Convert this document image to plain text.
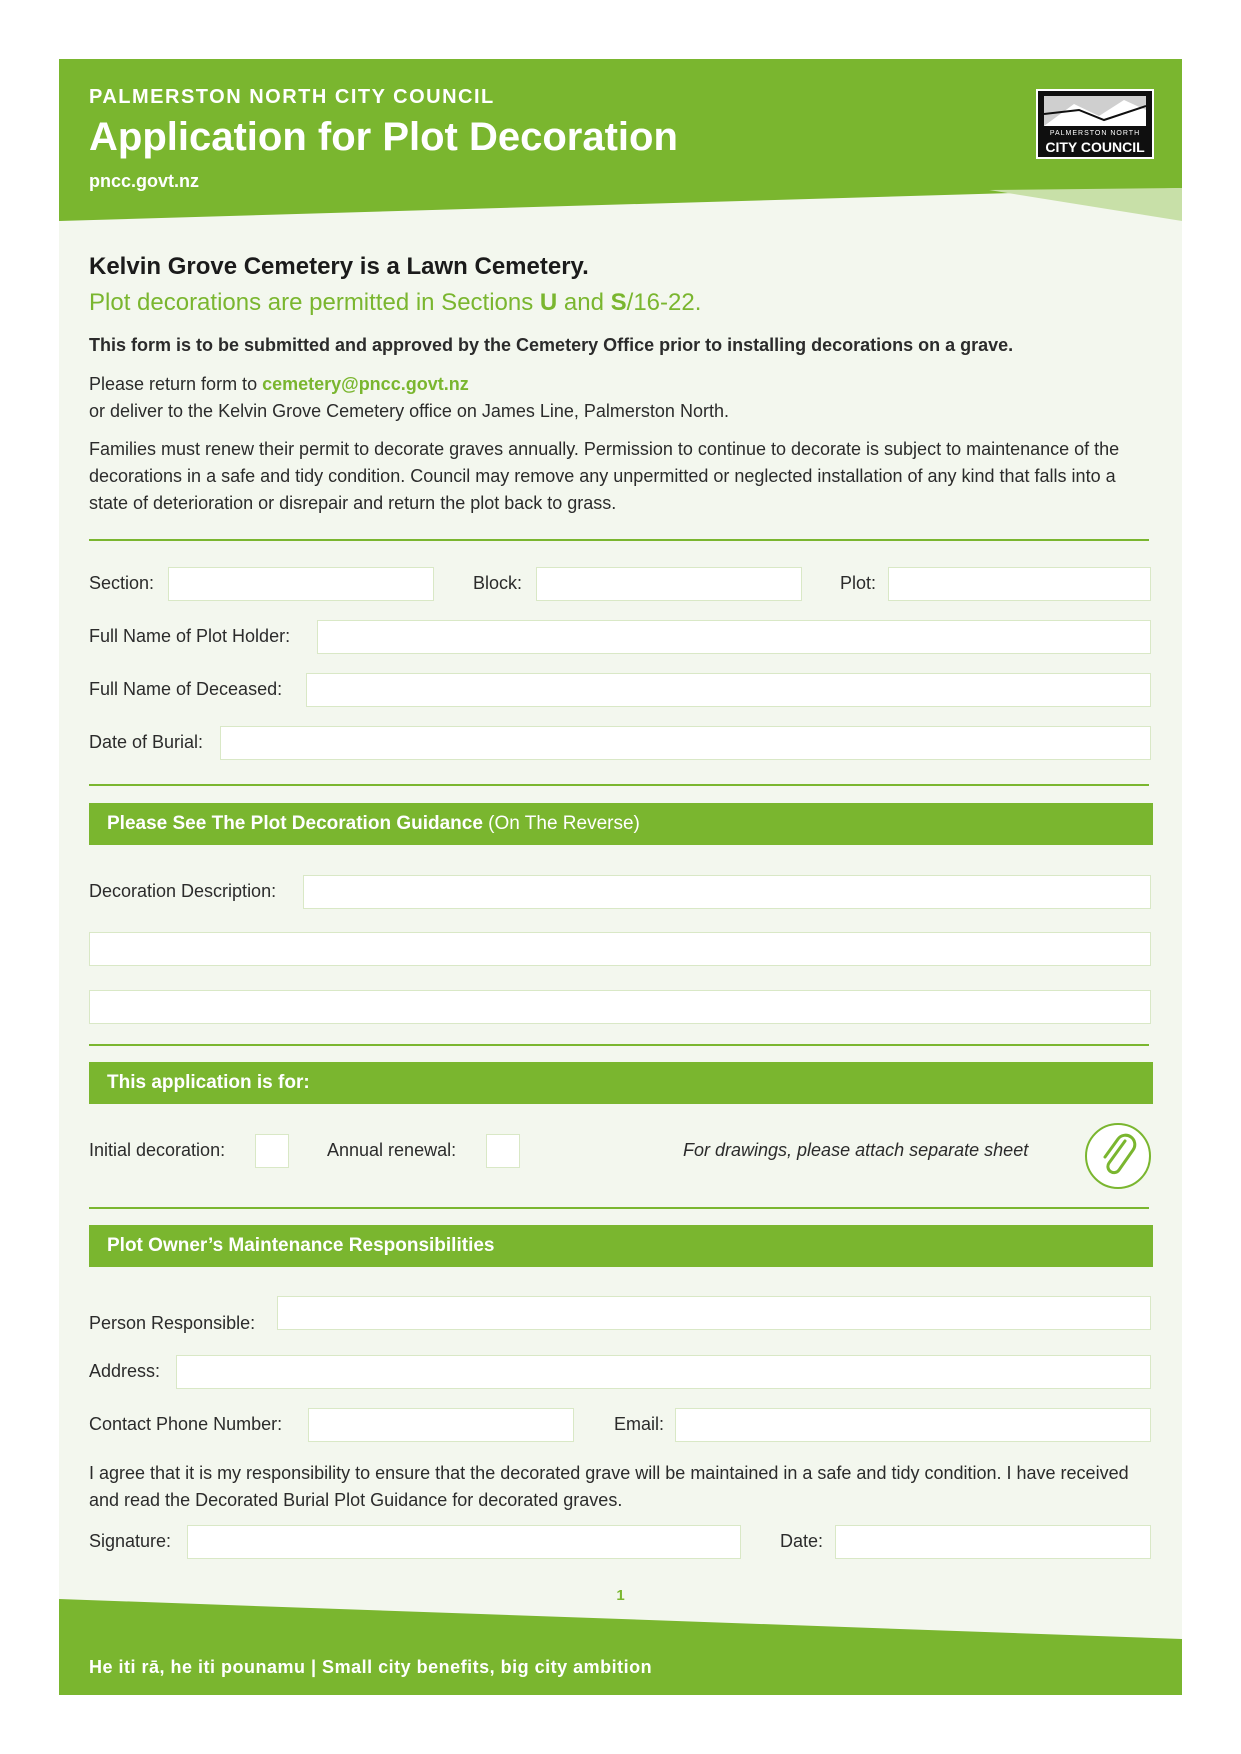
PALMERSTON NORTH CITY COUNCIL
Application for Plot Decoration
pncc.govt.nz
PALMERSTON NORTH
CITY COUNCIL
Kelvin Grove Cemetery is a Lawn Cemetery.
Plot decorations are permitted in Sections U and S/16-22.
This form is to be submitted and approved by the Cemetery Office prior to installing decorations on a grave.
Please return form to cemetery@pncc.govt.nz
or deliver to the Kelvin Grove Cemetery office on James Line, Palmerston North.
Families must renew their permit to decorate graves annually. Permission to continue to decorate is subject to maintenance of the decorations in a safe and tidy condition. Council may remove any unpermitted or neglected installation of any kind that falls into a state of deterioration or disrepair and return the plot back to grass.
Section:	Block:	Plot:
Full Name of Plot Holder:
Full Name of Deceased:
Date of Burial:
Please See The Plot Decoration Guidance (On The Reverse)
Decoration Description:
This application is for:
Initial decoration:	Annual renewal:	For drawings, please attach separate sheet
Plot Owner’s Maintenance Responsibilities
Person Responsible:
Address:
Contact Phone Number:	Email:
I agree that it is my responsibility to ensure that the decorated grave will be maintained in a safe and tidy condition. I have received and read the Decorated Burial Plot Guidance for decorated graves.
Signature:	Date:
1
He iti rā, he iti pounamu | Small city benefits, big city ambition
